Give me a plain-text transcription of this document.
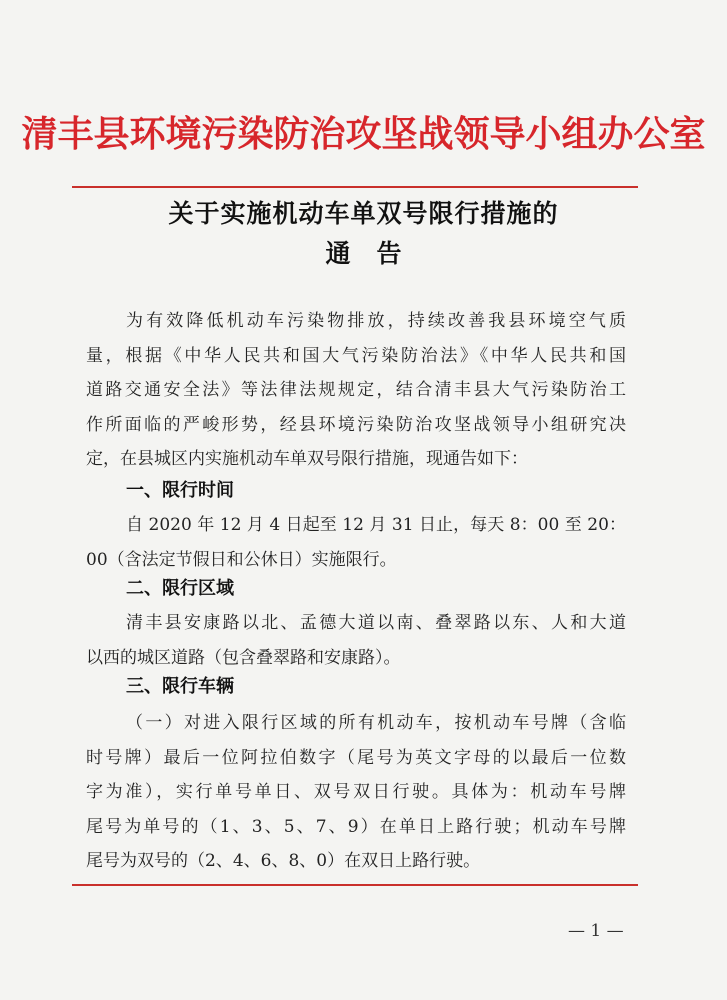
清丰县环境污染防治攻坚战领导小组办公室
关于实施机动车单双号限行措施的
通告
为有效降低机动车污染物排放，持续改善我县环境空气质
量，根据《中华人民共和国大气污染防治法》《中华人民共和国
道路交通安全法》等法律法规规定，结合清丰县大气污染防治工
作所面临的严峻形势，经县环境污染防治攻坚战领导小组研究决
定，在县城区内实施机动车单双号限行措施，现通告如下：
一、限行时间
自 2020 年 12 月 4 日起至 12 月 31 日止，每天 8：00 至 20：
00（含法定节假日和公休日）实施限行。
二、限行区域
清丰县安康路以北、孟德大道以南、叠翠路以东、人和大道
以西的城区道路（包含叠翠路和安康路）。
三、限行车辆
（一）对进入限行区域的所有机动车，按机动车号牌（含临
时号牌）最后一位阿拉伯数字（尾号为英文字母的以最后一位数
字为准），实行单号单日、双号双日行驶。具体为：机动车号牌
尾号为单号的（1、3、5、7、9）在单日上路行驶；机动车号牌
尾号为双号的（2、4、6、8、0）在双日上路行驶。
— 1 —
